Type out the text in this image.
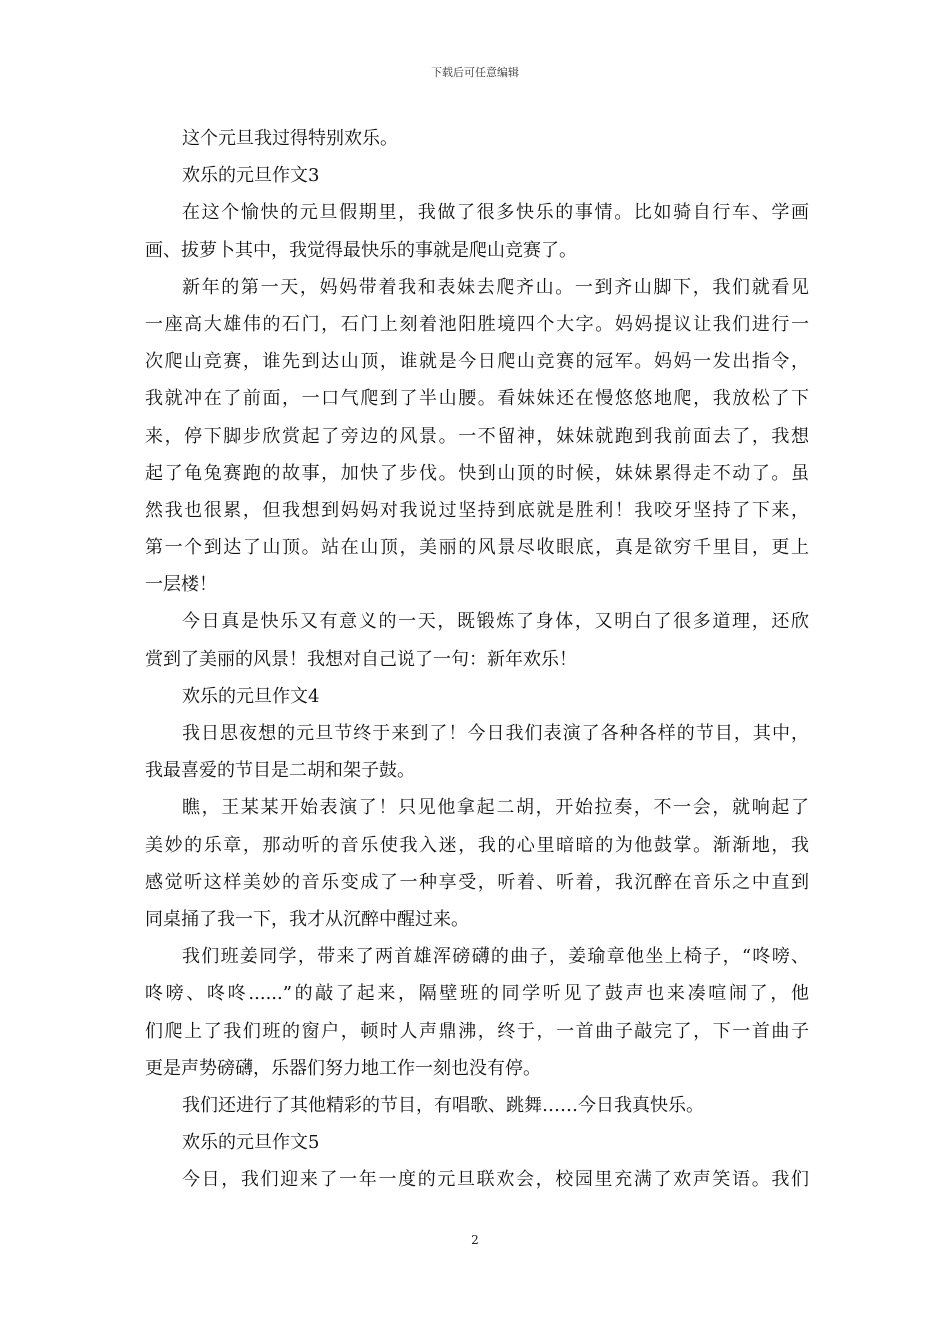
下载后可任意编辑
这个元旦我过得特别欢乐。
欢乐的元旦作文3
在这个愉快的元旦假期里，我做了很多快乐的事情。比如骑自行车、学画
画、拔萝卜其中，我觉得最快乐的事就是爬山竞赛了。
新年的第一天，妈妈带着我和表妹去爬齐山。一到齐山脚下，我们就看见
一座高大雄伟的石门，石门上刻着池阳胜境四个大字。妈妈提议让我们进行一
次爬山竞赛，谁先到达山顶，谁就是今日爬山竞赛的冠军。妈妈一发出指令，
我就冲在了前面，一口气爬到了半山腰。看妹妹还在慢悠悠地爬，我放松了下
来，停下脚步欣赏起了旁边的风景。一不留神，妹妹就跑到我前面去了，我想
起了龟兔赛跑的故事，加快了步伐。快到山顶的时候，妹妹累得走不动了。虽
然我也很累，但我想到妈妈对我说过坚持到底就是胜利！我咬牙坚持了下来，
第一个到达了山顶。站在山顶，美丽的风景尽收眼底，真是欲穷千里目，更上
一层楼！
今日真是快乐又有意义的一天，既锻炼了身体，又明白了很多道理，还欣
赏到了美丽的风景！我想对自己说了一句：新年欢乐！
欢乐的元旦作文4
我日思夜想的元旦节终于来到了！今日我们表演了各种各样的节目，其中，
我最喜爱的节目是二胡和架子鼓。
瞧，王某某开始表演了！只见他拿起二胡，开始拉奏，不一会，就响起了
美妙的乐章，那动听的音乐使我入迷，我的心里暗暗的为他鼓掌。渐渐地，我
感觉听这样美妙的音乐变成了一种享受，听着、听着，我沉醉在音乐之中直到
同桌捅了我一下，我才从沉醉中醒过来。
我们班姜同学，带来了两首雄浑磅礴的曲子，姜瑜章他坐上椅子，“咚嗙、
咚嗙、咚咚......”的敲了起来，隔壁班的同学听见了鼓声也来凑喧闹了，他
们爬上了我们班的窗户，顿时人声鼎沸，终于，一首曲子敲完了，下一首曲子
更是声势磅礴，乐器们努力地工作一刻也没有停。
我们还进行了其他精彩的节目，有唱歌、跳舞……今日我真快乐。
欢乐的元旦作文5
今日，我们迎来了一年一度的元旦联欢会，校园里充满了欢声笑语。我们
2
